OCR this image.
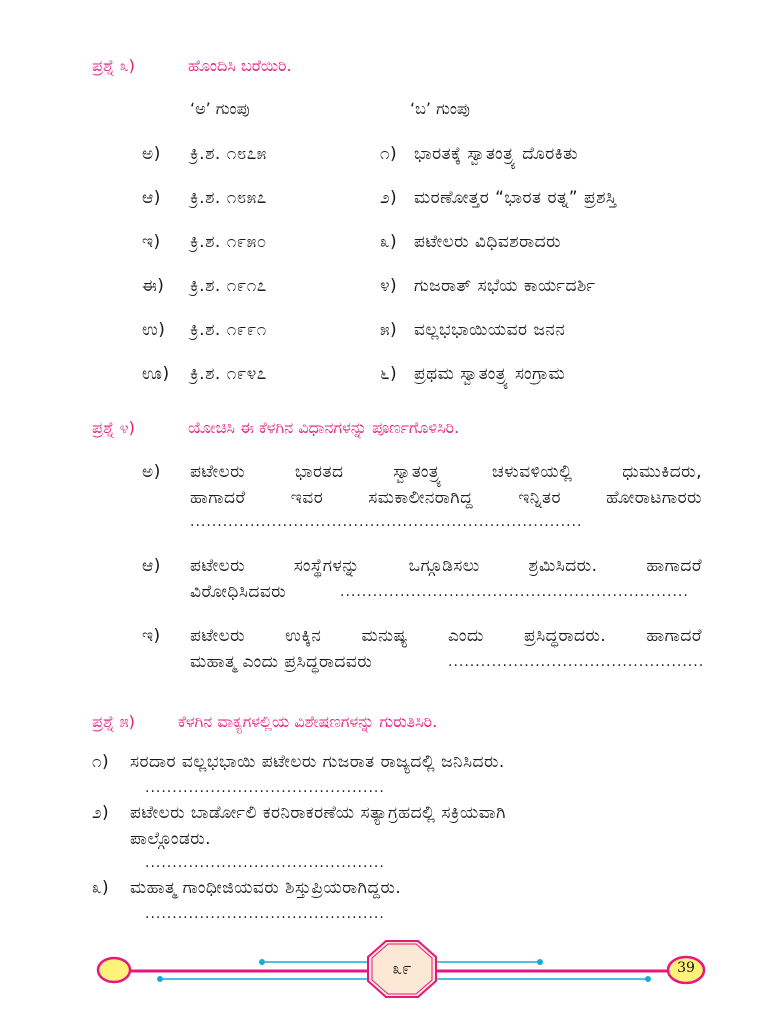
ಪ್ರಶ್ನೆ ೩)	ಹೊಂದಿಸಿ ಬರೆಯಿರಿ.
‘ಅ’ ಗುಂಪು	‘ಬ’ ಗುಂಪು
ಅ) ಕ್ರಿ.ಶ. ೧೮೭೫	೧) ಭಾರತಕ್ಕೆ ಸ್ವಾತಂತ್ರ್ಯ ದೊರಕಿತು
ಆ) ಕ್ರಿ.ಶ. ೧೮೫೭	೨) ಮರಣೋತ್ತರ “ಭಾರತ ರತ್ನ” ಪ್ರಶಸ್ತಿ
ಇ) ಕ್ರಿ.ಶ. ೧೯೫೦	೩) ಪಟೇಲರು ವಿಧಿವಶರಾದರು
ಈ) ಕ್ರಿ.ಶ. ೧೯೧೭	೪) ಗುಜರಾತ್ ಸಭೆಯ ಕಾರ್ಯದರ್ಶಿ
ಉ) ಕ್ರಿ.ಶ. ೧೯೯೧	೫) ವಲ್ಲಭಭಾಯಿಯವರ ಜನನ
ಊ) ಕ್ರಿ.ಶ. ೧೯೪೭	೬) ಪ್ರಥಮ ಸ್ವಾತಂತ್ರ್ಯ ಸಂಗ್ರಾಮ
ಪ್ರಶ್ನೆ ೪)	ಯೋಚಿಸಿ ಈ ಕೆಳಗಿನ ವಿಧಾನಗಳನ್ನು ಪೂರ್ಣಗೊಳಿಸಿರಿ.
ಅ) ಪಟೇಲರು ಭಾರತದ ಸ್ವಾತಂತ್ರ್ಯ ಚಳುವಳಿಯಲ್ಲಿ ಧುಮುಕಿದರು,
ಹಾಗಾದರೆ ಇವರ ಸಮಕಾಲೀನರಾಗಿದ್ದ ಇನ್ನಿತರ ಹೋರಾಟಗಾರರು
........................................................................
ಆ) ಪಟೇಲರು ಸಂಸ್ಥೆಗಳನ್ನು ಒಗ್ಗೂಡಿಸಲು ಶ್ರಮಿಸಿದರು. ಹಾಗಾದರೆ
ವಿರೋಧಿಸಿದವರು	................................................................
ಇ) ಪಟೇಲರು ಉಕ್ಕಿನ ಮನುಷ್ಯ ಎಂದು ಪ್ರಸಿದ್ಧರಾದರು. ಹಾಗಾದರೆ
ಮಹಾತ್ಮ ಎಂದು ಪ್ರಸಿದ್ಧರಾದವರು	...............................................
ಪ್ರಶ್ನೆ ೫)	ಕೆಳಗಿನ ವಾಕ್ಯಗಳಲ್ಲಿಯ ವಿಶೇಷಣಗಳನ್ನು ಗುರುತಿಸಿರಿ.
೧) ಸರದಾರ ವಲ್ಲಭಭಾಯಿ ಪಟೇಲರು ಗುಜರಾತ ರಾಜ್ಯದಲ್ಲಿ ಜನಿಸಿದರು.
............................................
೨) ಪಟೇಲರು ಬಾರ್ಡೋಲಿ ಕರನಿರಾಕರಣೆಯ ಸತ್ಯಾಗ್ರಹದಲ್ಲಿ ಸಕ್ರಿಯವಾಗಿ
ಪಾಲ್ಗೊಂಡರು.
............................................
೩) ಮಹಾತ್ಮ ಗಾಂಧೀಜಿಯವರು ಶಿಸ್ತುಪ್ರಿಯರಾಗಿದ್ದರು.
............................................
೩೯	39
